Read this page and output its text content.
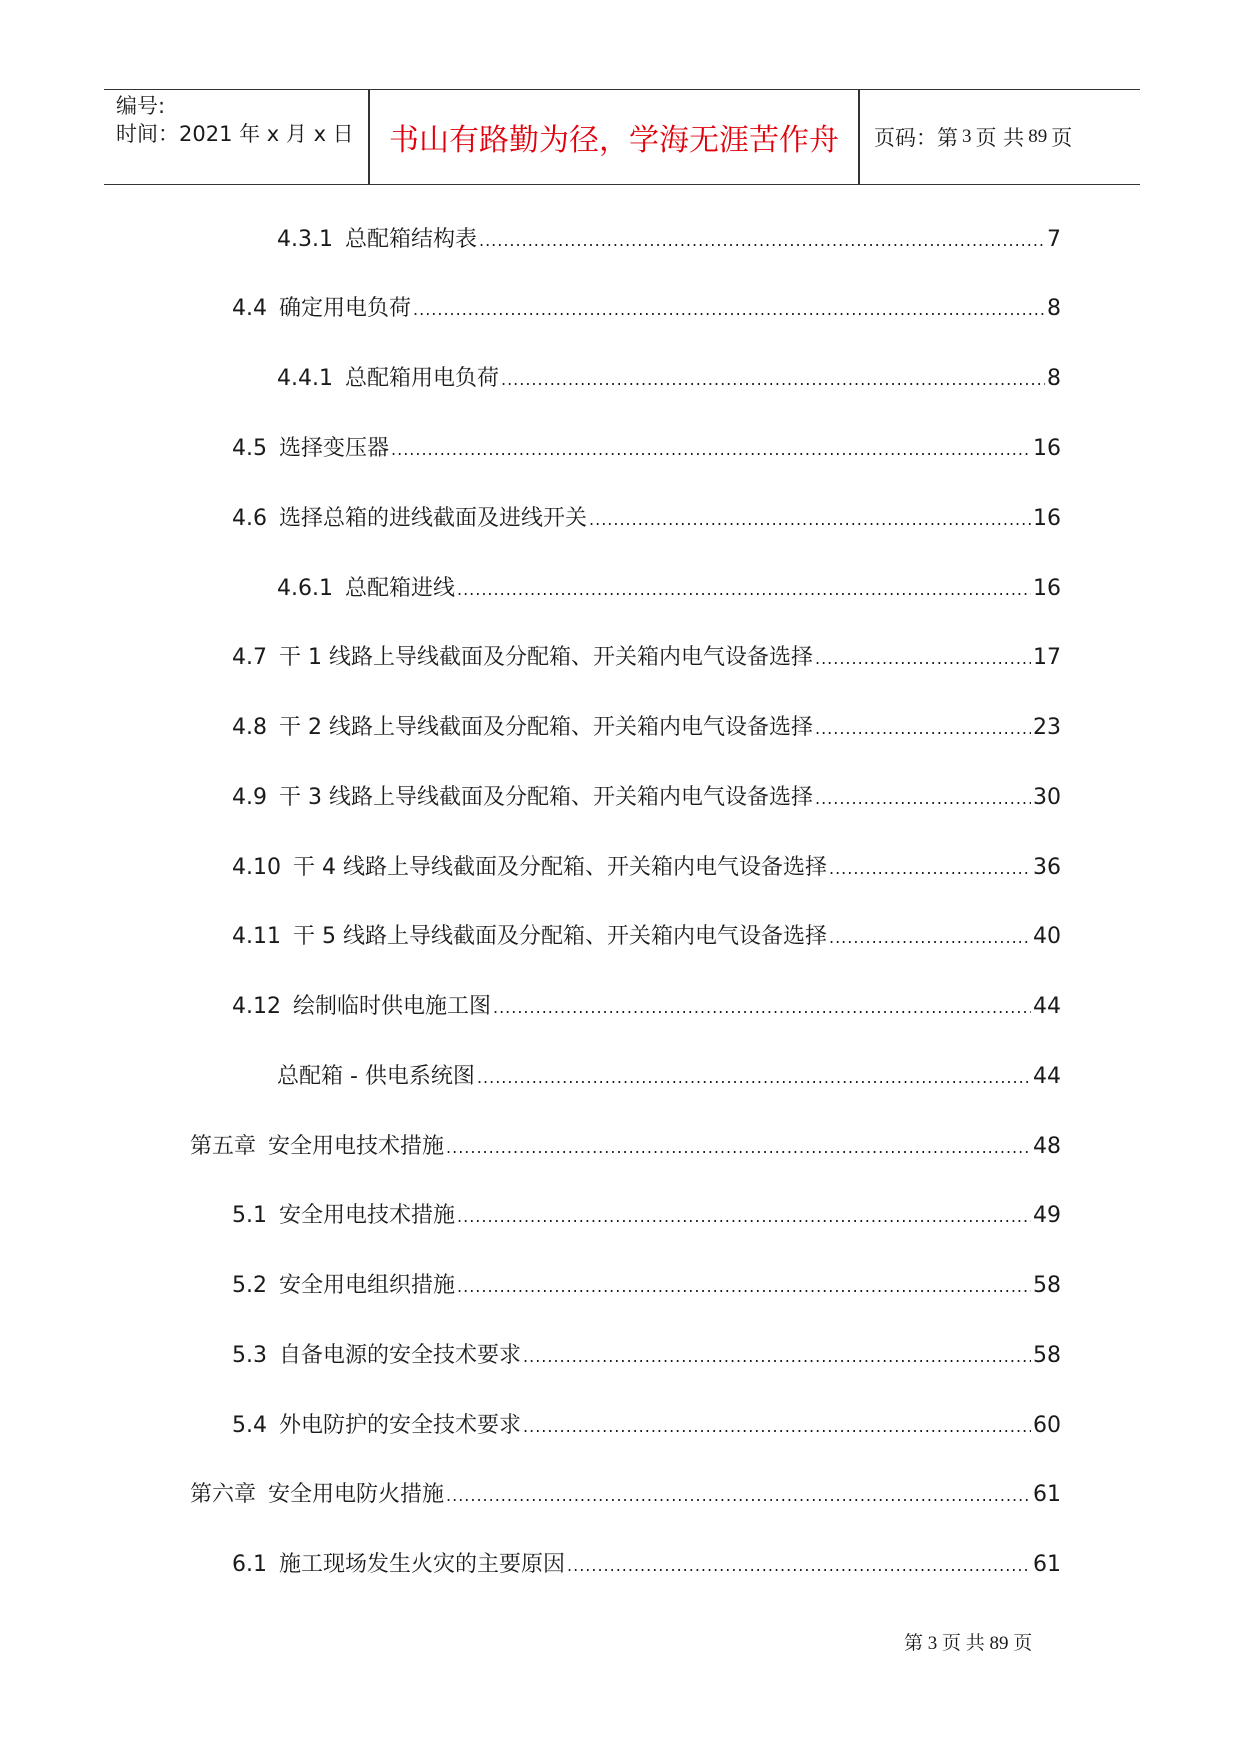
编号:
时间：2021 年 x 月 x 日	书山有路勤为径，学海无涯苦作舟	页码：第 3 页 共 89 页
4.3.1 总配箱结构表 .....	7
4.4 确定用电负荷 .....	8
4.4.1 总配箱用电负荷 .....	8
4.5 选择变压器 .....	16
4.6 选择总箱的进线截面及进线开关 .....	16
4.6.1 总配箱进线 .....	16
4.7 干 1 线路上导线截面及分配箱、开关箱内电气设备选择 .....	17
4.8 干 2 线路上导线截面及分配箱、开关箱内电气设备选择 .....	23
4.9 干 3 线路上导线截面及分配箱、开关箱内电气设备选择 .....	30
4.10 干 4 线路上导线截面及分配箱、开关箱内电气设备选择 .....	36
4.11 干 5 线路上导线截面及分配箱、开关箱内电气设备选择 .....	40
4.12 绘制临时供电施工图 .....	44
总配箱 - 供电系统图 .....	44
第五章 安全用电技术措施 .....	48
5.1 安全用电技术措施 .....	49
5.2 安全用电组织措施 .....	58
5.3 自备电源的安全技术要求 .....	58
5.4 外电防护的安全技术要求 .....	60
第六章 安全用电防火措施 .....	61
6.1 施工现场发生火灾的主要原因 .....	61
第 3 页 共 89 页
